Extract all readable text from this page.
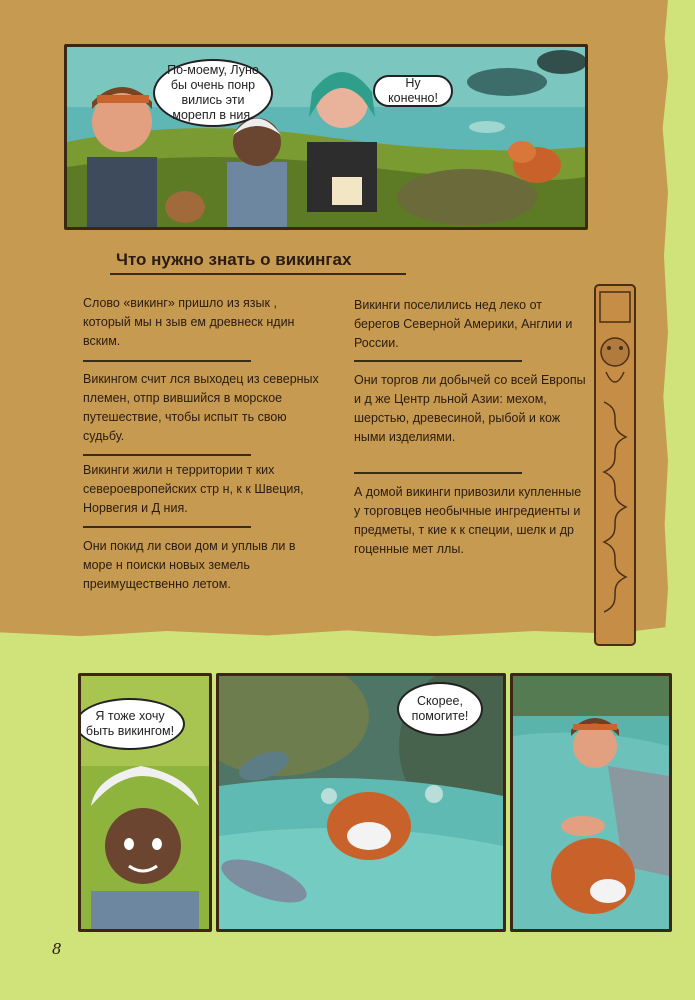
По-моему, Луне бы очень понр вились эти морепл в ния.
Ну конечно!
Что нужно знать о викингах
Слово «викинг» пришло из язык , который мы н зыв ем древнеск ндин вским.
Викингом счит лся выходец из северных племен, отпр вившийся в морское путешествие, чтобы испыт ть свою судьбу.
Викинги жили н территории т ких североевропейских стр н, к к Швеция, Норвегия и Д ния.
Они покид ли свои дом и уплыв ли в море н поиски новых земель преимущественно летом.
Викинги поселились нед леко от берегов Северной Америки, Англии и России.
Они торгов ли добычей со всей Европы и д же Центр льной Азии: мехом, шерстью, древесиной, рыбой и кож ными изделиями.
А домой викинги привозили купленные у торговцев необычные ингредиенты и предметы, т кие к к специи, шелк и др гоценные мет ллы.
Я тоже хочу быть викингом!
Скорее, помогите!
8
